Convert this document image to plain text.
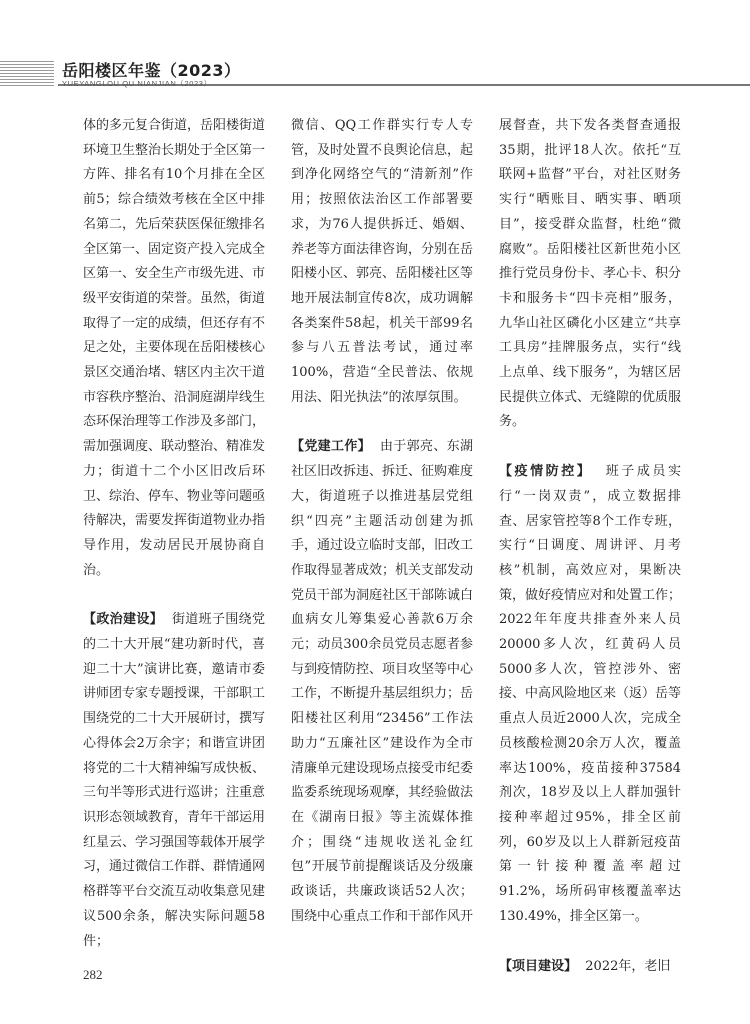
岳阳楼区年鉴（2023）
YUEYANGLOU QU NIANJIAN（2023）

体的多元复合街道，岳阳楼街道环境卫生整治长期处于全区第一方阵、排名有10个月排在全区前5；综合绩效考核在全区中排名第二，先后荣获医保征缴排名全区第一、固定资产投入完成全区第一、安全生产市级先进、市级平安街道的荣誉。虽然，街道取得了一定的成绩，但还存有不足之处，主要体现在岳阳楼核心景区交通治堵、辖区内主次干道市容秩序整治、沿洞庭湖岸线生态环保治理等工作涉及多部门，需加强调度、联动整治、精准发力；街道十二个小区旧改后环卫、综治、停车、物业等问题亟待解决，需要发挥街道物业办指导作用，发动居民开展协商自治。

【政治建设】 街道班子围绕党的二十大开展“建功新时代，喜迎二十大”演讲比赛，邀请市委讲师团专家专题授课，干部职工围绕党的二十大开展研讨，撰写心得体会2万余字；和谐宣讲团将党的二十大精神编写成快板、三句半等形式进行巡讲；注重意识形态领域教育，青年干部运用红星云、学习强国等载体开展学习，通过微信工作群、群情通网格群等平台交流互动收集意见建议500余条，解决实际问题58件；

微信、QQ工作群实行专人专管，及时处置不良舆论信息，起到净化网络空气的“清新剂”作用；按照依法治区工作部署要求，为76人提供拆迁、婚姻、养老等方面法律咨询，分别在岳阳楼小区、郭亮、岳阳楼社区等地开展法制宣传8次，成功调解各类案件58起，机关干部99名参与八五普法考试，通过率100%，营造“全民普法、依规用法、阳光执法”的浓厚氛围。

【党建工作】 由于郭亮、东湖社区旧改拆违、拆迁、征购难度大，街道班子以推进基层党组织“四亮”主题活动创建为抓手，通过设立临时支部，旧改工作取得显著成效；机关支部发动党员干部为洞庭社区干部陈诚白血病女儿筹集爱心善款6万余元；动员300余员党员志愿者参与到疫情防控、项目攻坚等中心工作，不断提升基层组织力；岳阳楼社区利用“23456”工作法助力“五廉社区”建设作为全市清廉单元建设现场点接受市纪委监委系统现场观摩，其经验做法在《湖南日报》等主流媒体推介；围绕“违规收送礼金红包”开展节前提醒谈话及分级廉政谈话，共廉政谈话52人次；围绕中心重点工作和干部作风开

展督查，共下发各类督查通报35期，批评18人次。依托“互联网+监督”平台，对社区财务实行“晒账目、晒实事、晒项目”，接受群众监督，杜绝“微腐败”。岳阳楼社区新世苑小区推行党员身份卡、孝心卡、积分卡和服务卡“四卡亮相”服务，九华山社区磷化小区建立“共享工具房”挂牌服务点，实行“线上点单、线下服务”，为辖区居民提供立体式、无缝隙的优质服务。

【疫情防控】 班子成员实行“一岗双责”，成立数据排查、居家管控等8个工作专班，实行“日调度、周讲评、月考核”机制，高效应对，果断决策，做好疫情应对和处置工作；2022年年度共排查外来人员20000多人次，红黄码人员5000多人次，管控涉外、密接、中高风险地区来（返）岳等重点人员近2000人次，完成全员核酸检测20余万人次，覆盖率达100%，疫苗接种37584剂次，18岁及以上人群加强针接种率超过95%，排全区前列，60岁及以上人群新冠疫苗第一针接种覆盖率超过91.2%，场所码审核覆盖率达130.49%，排全区第一。

【项目建设】 2022年，老旧

282
